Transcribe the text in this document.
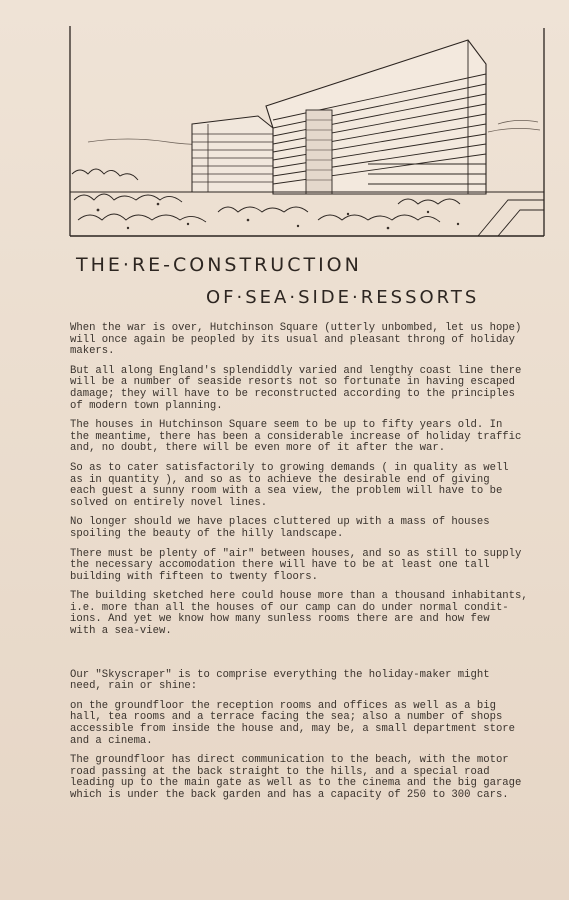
THE·RE-CONSTRUCTION
OF·SEA·SIDE·RESSORTS

When the war is over, Hutchinson Square (utterly unbombed, let us hope)
will once again be peopled by its usual and pleasant throng of holiday
makers.

But all along England's splendiddly varied and lengthy coast line there
will be a number of seaside resorts not so fortunate in having escaped
damage; they will have to be reconstructed according to the principles
of modern town planning.

The houses in Hutchinson Square seem to be up to fifty years old. In
the meantime, there has been a considerable increase of holiday traffic
and, no doubt, there will be even more of it after the war.

So as to cater satisfactorily to growing demands ( in quality as well
as in quantity ), and so as to achieve the desirable end of giving
each guest a sunny room with a sea view, the problem will have to be
solved on entirely novel lines.

No longer should we have places cluttered up with a mass of houses
spoiling the beauty of the hilly landscape.

There must be plenty of "air" between houses, and so as still to supply
the necessary accomodation there will have to be at least one tall
building with fifteen to twenty floors.

The building sketched here could house more than a thousand inhabitants,
i.e. more than all the houses of our camp can do under normal condit-
ions. And yet we know how many sunless rooms there are and how few
with a sea-view.

Our "Skyscraper" is to comprise everything the holiday-maker might
need, rain or shine:

on the groundfloor the reception rooms and offices as well as a big
hall, tea rooms and a terrace facing the sea; also a number of shops
accessible from inside the house and, may be, a small department store
and a cinema.

The groundfloor has direct communication to the beach, with the motor
road passing at the back straight to the hills, and a special road
leading up to the main gate as well as to the cinema and the big garage
which is under the back garden and has a capacity of 250 to 300 cars.
